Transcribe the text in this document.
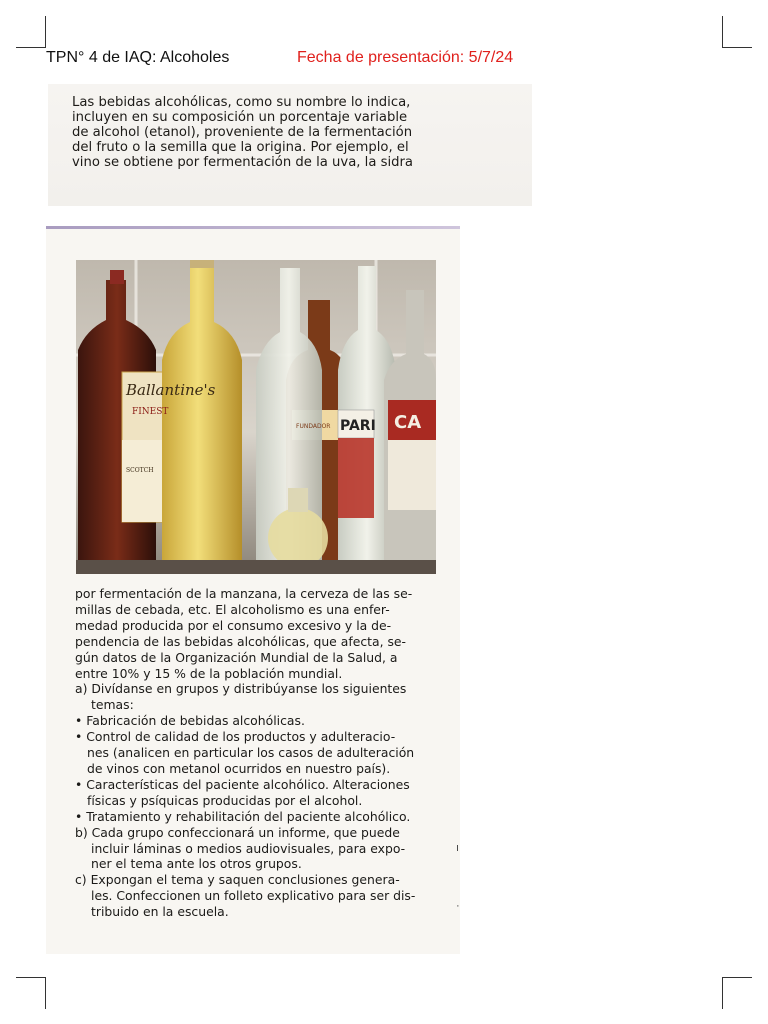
TPN° 4 de IAQ: Alcoholes	Fecha de presentación: 5/7/24
Las bebidas alcohólicas, como su nombre lo indica,
incluyen en su composición un porcentaje variable
de alcohol (etanol), proveniente de la fermentación
del fruto o la semilla que la origina. Por ejemplo, el
vino se obtiene por fermentación de la uva, la sidra
Ballantine's
FINEST
SCOTCH
FUNDADOR PARI CA
por fermentación de la manzana, la cerveza de las se-
millas de cebada, etc. El alcoholismo es una enfer-
medad producida por el consumo excesivo y la de-
pendencia de las bebidas alcohólicas, que afecta, se-
gún datos de la Organización Mundial de la Salud, a
entre 10% y 15 % de la población mundial.
a) Divídanse en grupos y distribúyanse los siguientes
temas:
• Fabricación de bebidas alcohólicas.
• Control de calidad de los productos y adulteracio-
nes (analicen en particular los casos de adulteración
de vinos con metanol ocurridos en nuestro país).
• Características del paciente alcohólico. Alteraciones
físicas y psíquicas producidas por el alcohol.
• Tratamiento y rehabilitación del paciente alcohólico.
b) Cada grupo confeccionará un informe, que puede
incluir láminas o medios audiovisuales, para expo-
ner el tema ante los otros grupos.
c) Expongan el tema y saquen conclusiones genera-
les. Confeccionen un folleto explicativo para ser dis-
tribuido en la escuela.
ı
·
